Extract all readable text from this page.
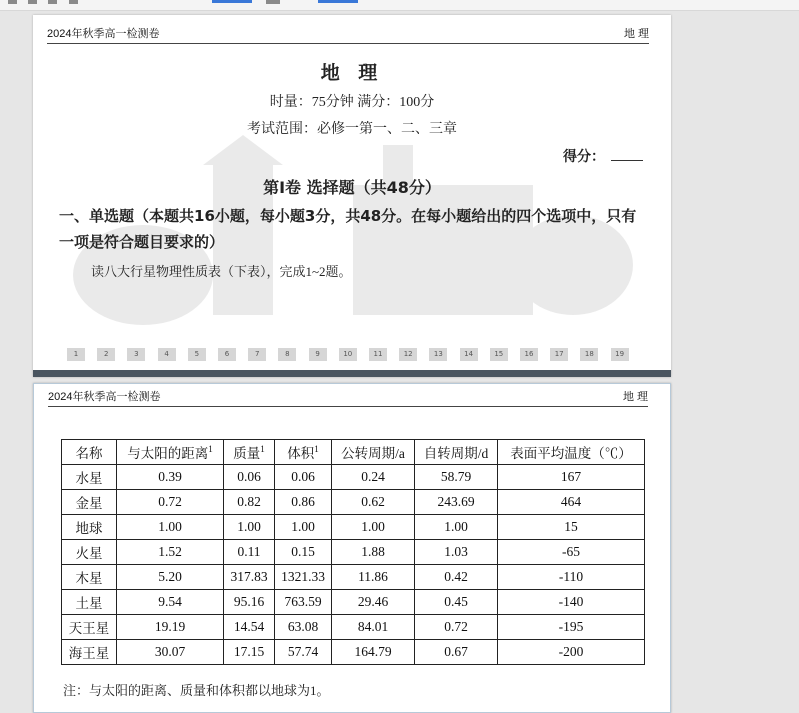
2024年秋季高一检测卷	地 理
地 理
时量：75分钟 满分：100分
考试范围：必修一第一、二、三章
得分：
第Ⅰ卷 选择题（共48分）
一、单选题（本题共16小题，每小题3分，共48分。在每小题给出的四个选项中，只有一项是符合题目要求的）
读八大行星物理性质表（下表），完成1~2题。
1	2	3	4	5	6	7	8	9	10	11	12	13	14	15	16	17	18	19
2024年秋季高一检测卷	地 理
名称	与太阳的距离$^1$	质量$^1$	体积$^1$	公转周期/a	自转周期/d	表面平均温度（℃）
水星	0.39	0.06	0.06	0.24	58.79	167
金星	0.72	0.82	0.86	0.62	243.69	464
地球	1.00	1.00	1.00	1.00	1.00	15
火星	1.52	0.11	0.15	1.88	1.03	-65
木星	5.20	317.83	1321.33	11.86	0.42	-110
土星	9.54	95.16	763.59	29.46	0.45	-140
天王星	19.19	14.54	63.08	84.01	0.72	-195
海王星	30.07	17.15	57.74	164.79	0.67	-200
注：与太阳的距离、质量和体积都以地球为1。
